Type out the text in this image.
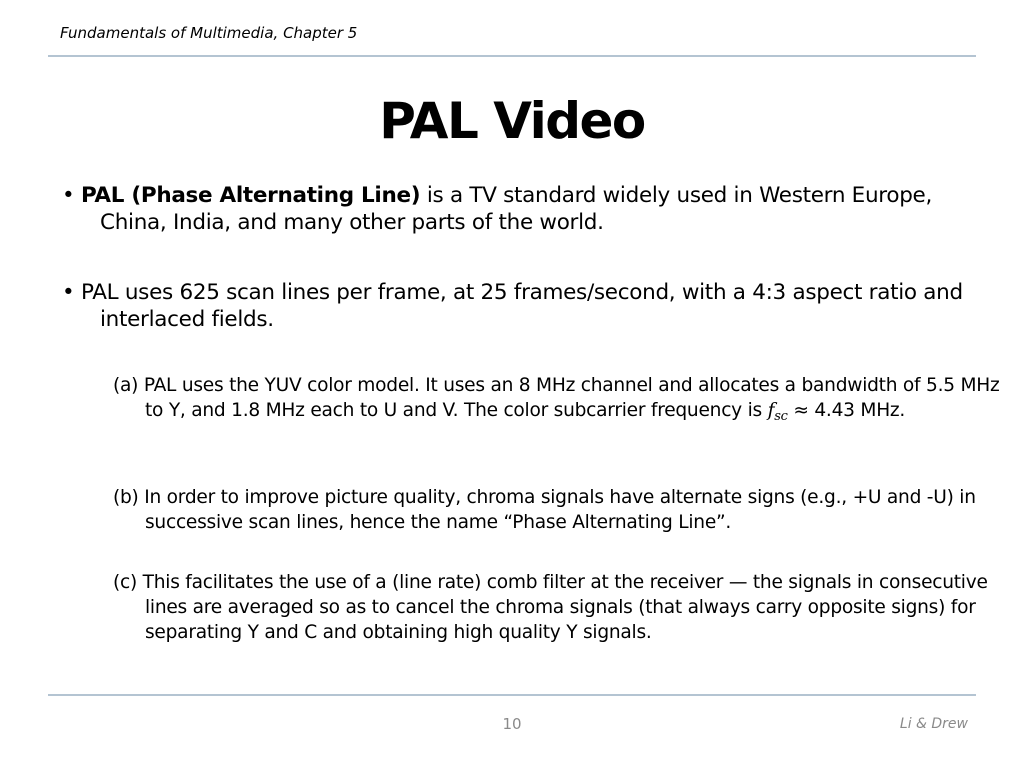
Fundamentals of Multimedia, Chapter 5
PAL Video
• PAL (Phase Alternating Line) is a TV standard widely used in Western Europe, China, India, and many other parts of the world.
• PAL uses 625 scan lines per frame, at 25 frames/second, with a 4:3 aspect ratio and interlaced fields.
(a) PAL uses the YUV color model. It uses an 8 MHz channel and allocates a bandwidth of 5.5 MHz to Y, and 1.8 MHz each to U and V. The color subcarrier frequency is $f_{sc} \approx 4.43$ MHz.
(b) In order to improve picture quality, chroma signals have alternate signs (e.g., +U and -U) in successive scan lines, hence the name “Phase Alternating Line”.
(c) This facilitates the use of a (line rate) comb filter at the receiver — the signals in consecutive lines are averaged so as to cancel the chroma signals (that always carry opposite signs) for separating Y and C and obtaining high quality Y signals.
10	Li & Drew
